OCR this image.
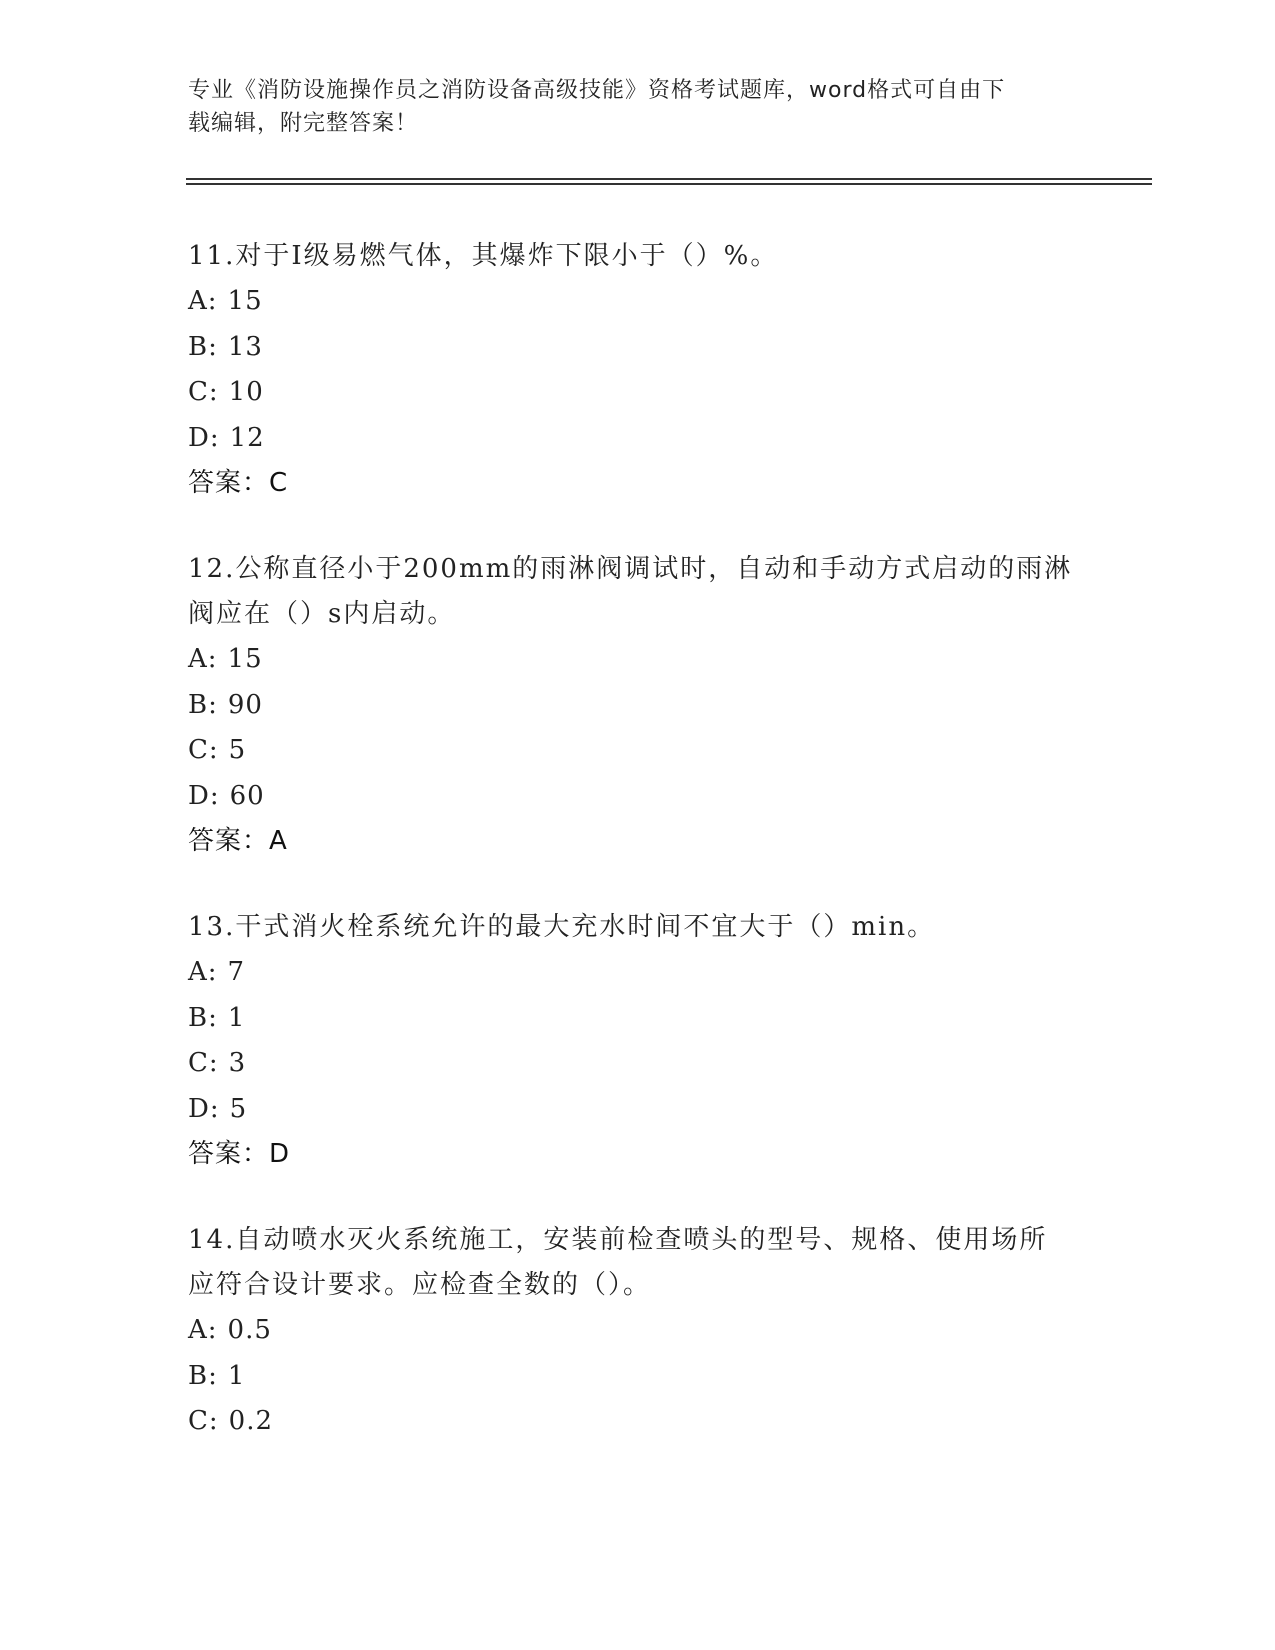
专业《消防设施操作员之消防设备高级技能》资格考试题库，word格式可自由下
载编辑，附完整答案！
11.对于Ⅰ级易燃气体，其爆炸下限小于（）%。
A: 15
B: 13
C: 10
D: 12
答案：C
12.公称直径小于200mm的雨淋阀调试时，自动和手动方式启动的雨淋
阀应在（）s内启动。
A: 15
B: 90
C: 5
D: 60
答案：A
13.干式消火栓系统允许的最大充水时间不宜大于（）min。
A: 7
B: 1
C: 3
D: 5
答案：D
14.自动喷水灭火系统施工，安装前检查喷头的型号、规格、使用场所
应符合设计要求。应检查全数的（）。
A: 0.5
B: 1
C: 0.2
